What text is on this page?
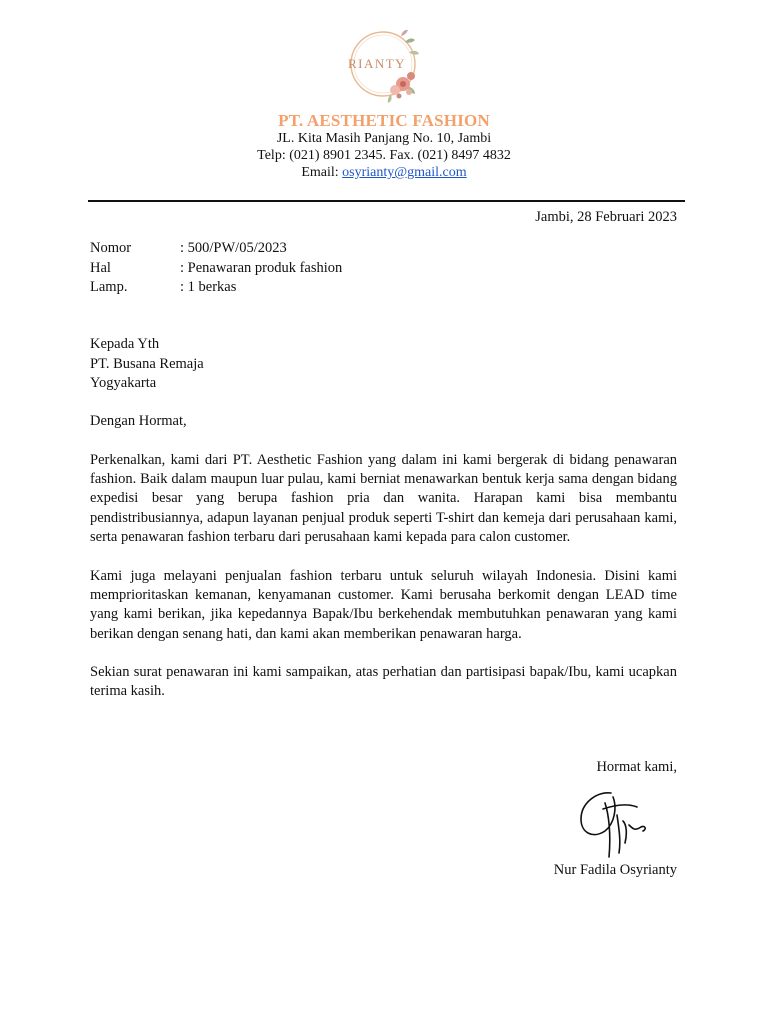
RIANTY
PT. AESTHETIC FASHION
JL. Kita Masih Panjang No. 10, Jambi
Telp: (021) 8901 2345. Fax. (021) 8497 4832
Email: osyrianty@gmail.com
Jambi, 28 Februari 2023
Nomor	: 500/PW/05/2023
Hal	: Penawaran produk fashion
Lamp.	: 1 berkas
Kepada Yth
PT. Busana Remaja
Yogyakarta
Dengan Hormat,
Perkenalkan, kami dari PT. Aesthetic Fashion yang dalam ini kami bergerak di bidang penawaran fashion. Baik dalam maupun luar pulau, kami berniat menawarkan bentuk kerja sama dengan bidang expedisi besar yang berupa fashion pria dan wanita. Harapan kami bisa membantu pendistribusiannya, adapun layanan penjual produk seperti T-shirt dan kemeja dari perusahaan kami, serta penawaran fashion terbaru dari perusahaan kami kepada para calon customer.
Kami juga melayani penjualan fashion terbaru untuk seluruh wilayah Indonesia. Disini kami memprioritaskan kemanan, kenyamanan customer. Kami berusaha berkomit dengan LEAD time yang kami berikan, jika kepedannya Bapak/Ibu berkehendak membutuhkan penawaran yang kami berikan dengan senang hati, dan kami akan memberikan penawaran harga.
Sekian surat penawaran ini kami sampaikan, atas perhatian dan partisipasi bapak/Ibu, kami ucapkan terima kasih.
Hormat kami,
Nur Fadila Osyrianty
